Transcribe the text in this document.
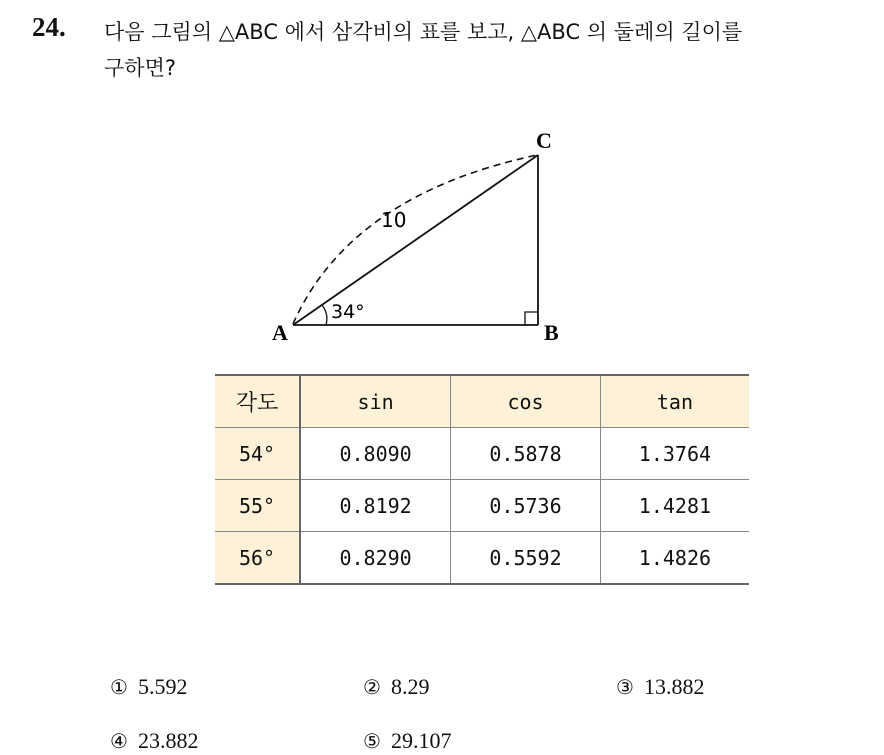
24. 다음 그림의 △ABC 에서 삼각비의 표를 보고, △ABC 의 둘레의 길이를
구하면?
A	B
C
10
34°
각도	sin	cos	tan
54°	0.8090	0.5878	1.3764
55°	0.8192	0.5736	1.4281
56°	0.8290	0.5592	1.4826
① 5.592	② 8.29	③ 13.882
④ 23.882	⑤ 29.107
